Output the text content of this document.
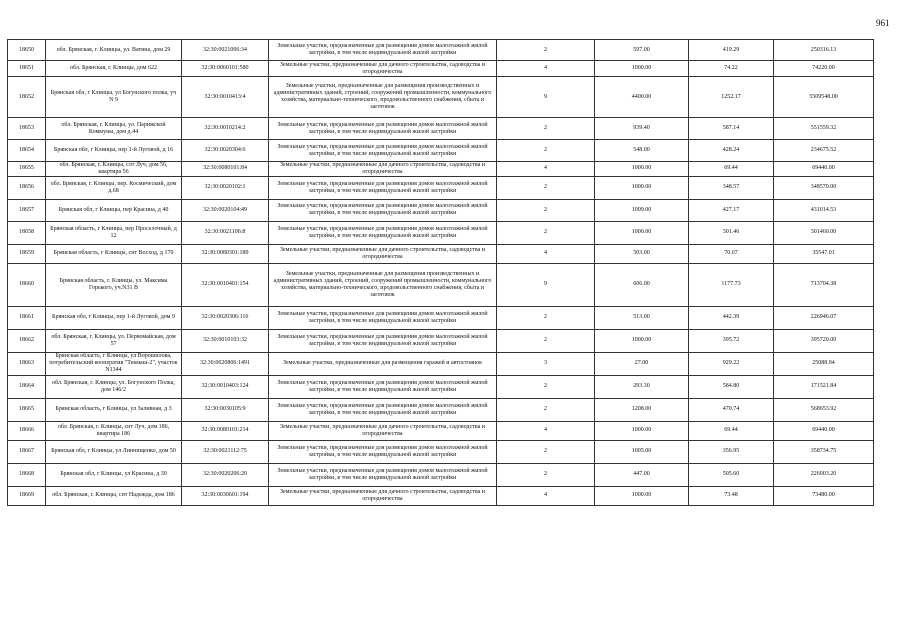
961
18650	обл. Брянская, г. Клинцы, ул. Ватина, дом 29	32:30:0021006:34	Земельные участки, предназначенные для размещения домов малоэтажной жилой застройки, в том числе индивидуальной жилой застройки	2	597.00	419.29	250316.13
18651	обл. Брянская, г. Клинцы, дом 622	32:30:0060101:580	Земельные участки, предназначенные для дачного строительства, садоводства и огородничества	4	1000.00	74.22	74220.00
18652	Брянская обл, г Клинцы, ул Богунского полка, уч N 9	32:30:0010413:4	Земельные участки, предназначенные для размещения производственных и административных зданий, строений, сооружений промышленности, коммунального хозяйства, материально-технического, продовольственного снабжения, сбыта и заготовок	9	4400.00	1252.17	5509548.00
18653	обл. Брянская, г. Клинцы, ул. Парижской Коммуны, дом д.44	32:30:0010214:2	Земельные участки, предназначенные для размещения домов малоэтажной жилой застройки, в том числе индивидуальной жилой застройки	2	939.40	587.14	551559.32
18654	Брянская обл, г Клинцы, пер 1-й Луговой, д 16	32:30:0020304:6	Земельные участки, предназначенные для размещения домов малоэтажной жилой застройки, в том числе индивидуальной жилой застройки	2	548.00	428.24	234675.52
18655	обл. Брянская, г. Клинцы, слт Луч, дом 56, квартира 56	32:30:0080101:84	Земельные участки, предназначенные для дачного строительства, садоводства и огородничества	4	1000.00	69.44	69440.00
18656	обл. Брянская, г. Клинцы, пер. Космический, дом д.68	32:30:0020102:1	Земельные участки, предназначенные для размещения домов малоэтажной жилой застройки, в том числе индивидуальной жилой застройки	2	1000.00	348.57	348570.00
18657	Брянская обл, г Клинцы, пер Красина, д 40	32:30:0020104:49	Земельные участки, предназначенные для размещения домов малоэтажной жилой застройки, в том числе индивидуальной жилой застройки	2	1009.00	427.17	431014.53
18658	Брянская область, г Клинцы, пер Проселочный, д 12	32:30:0021106:8	Земельные участки, предназначенные для размещения домов малоэтажной жилой застройки, в том числе индивидуальной жилой застройки	2	1000.00	301.46	301460.00
18659	Брянская область, г Клинцы, снт Восход, д 170	32:30:0080301:189	Земельные участки, предназначенные для дачного строительства, садоводства и огородничества	4	503.00	70.67	35547.01
18660	Брянская область, г. Клинцы, ул. Максима Горького, уч.N31 В	32:30:0010401:154	Земельные участки, предназначенные для размещения производственных и административных зданий, строений, сооружений промышленности, коммунального хозяйства, материально-технического, продовольственного снабжения, сбыта и заготовок	9	606.00	1177.73	713704.38
18661	Брянская обл, г Клинцы, пер 1-й Луговой, дом 9	32:30:0020306:116	Земельные участки, предназначенные для размещения домов малоэтажной жилой застройки, в том числе индивидуальной жилой застройки	2	513.00	442.39	226946.07
18662	обл. Брянская, г. Клинцы, ул. Первомайская, дом 57	32:30:0010103:32	Земельные участки, предназначенные для размещения домов малоэтажной жилой застройки, в том числе индивидуальной жилой застройки	2	1000.00	395.72	395720.00
18663	Брянская область, г Клинцы, ул Ворошилова, потребительский кооператив "Текмаш-2", участок N1344	32:30:0020806:1491	Земельные участки, предназначенные для размещения гаражей и автостоянок	3	27.00	929.22	25088.94
18664	обл. Брянская, г. Клинцы, ул. Богунского Полка, дом 146/2	32:30:0010403:124	Земельные участки, предназначенные для размещения домов малоэтажной жилой застройки, в том числе индивидуальной жилой застройки	2	293.30	584.80	171521.84
18665	Брянская область, г Клинцы, ул Заливная, д 3	32:30:0030105:9	Земельные участки, предназначенные для размещения домов малоэтажной жилой застройки, в том числе индивидуальной жилой застройки	2	1208.00	470.74	568653.92
18666	обл. Брянская, г. Клинцы, снт Луч, дом 186, квартира 186	32:30:0080101:214	Земельные участки, предназначенные для дачного строительства, садоводства и огородничества	4	1000.00	69.44	69440.00
18667	Брянская обл, г Клинцы, ул Линнищенко, дом 50	32:30:0021112:75	Земельные участки, предназначенные для размещения домов малоэтажной жилой застройки, в том числе индивидуальной жилой застройки	2	1005.00	356.95	358734.75
18668	Брянская обл, г Клинцы, ул Красина, д 30	32:30:0020206:20	Земельные участки, предназначенные для размещения домов малоэтажной жилой застройки, в том числе индивидуальной жилой застройки	2	447.00	505.60	226003.20
18669	обл. Брянская, г. Клинцы, снт Надежда, дом 186	32:30:0030601:194	Земельные участки, предназначенные для дачного строительства, садоводства и огородничества	4	1000.00	73.48	73480.00
